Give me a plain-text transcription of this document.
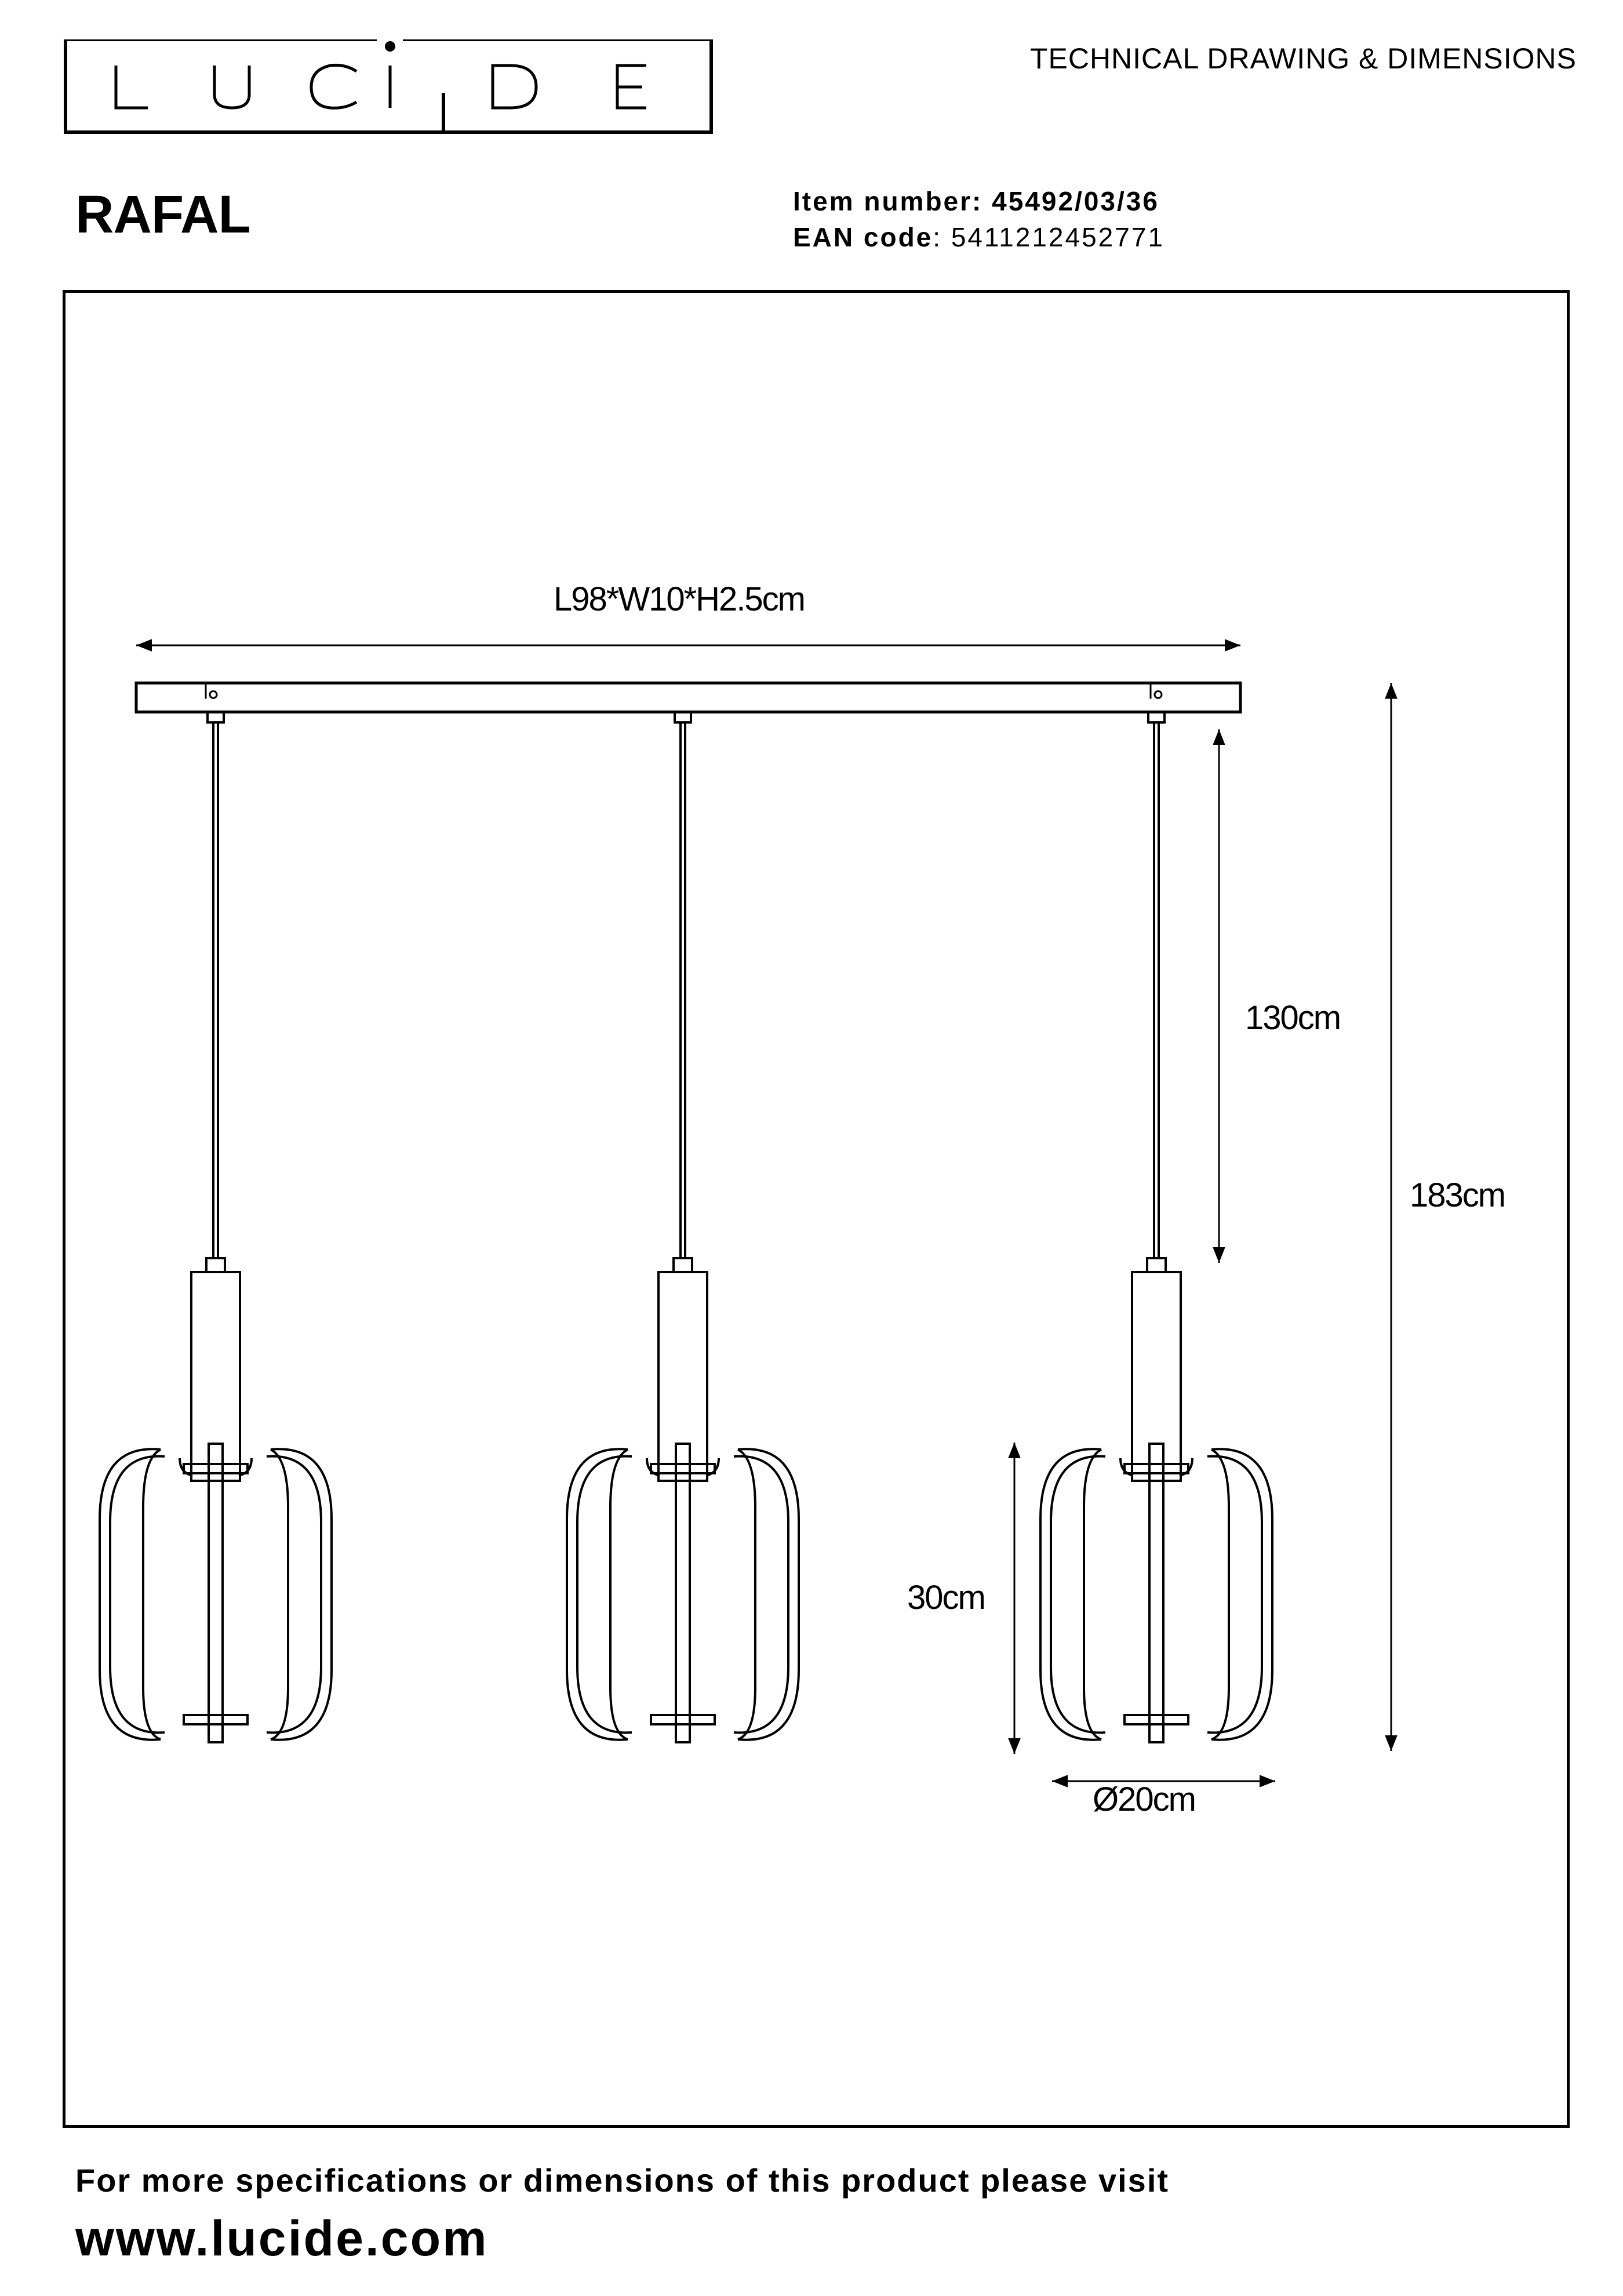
TECHNICAL DRAWING & DIMENSIONS
RAFAL	Item number: 45492/03/36
EAN code: 5411212452771
L98*W10*H2.5cm
130cm
183cm
30cm
Ø20cm
For more specifications or dimensions of this product please visit
www.lucide.com
